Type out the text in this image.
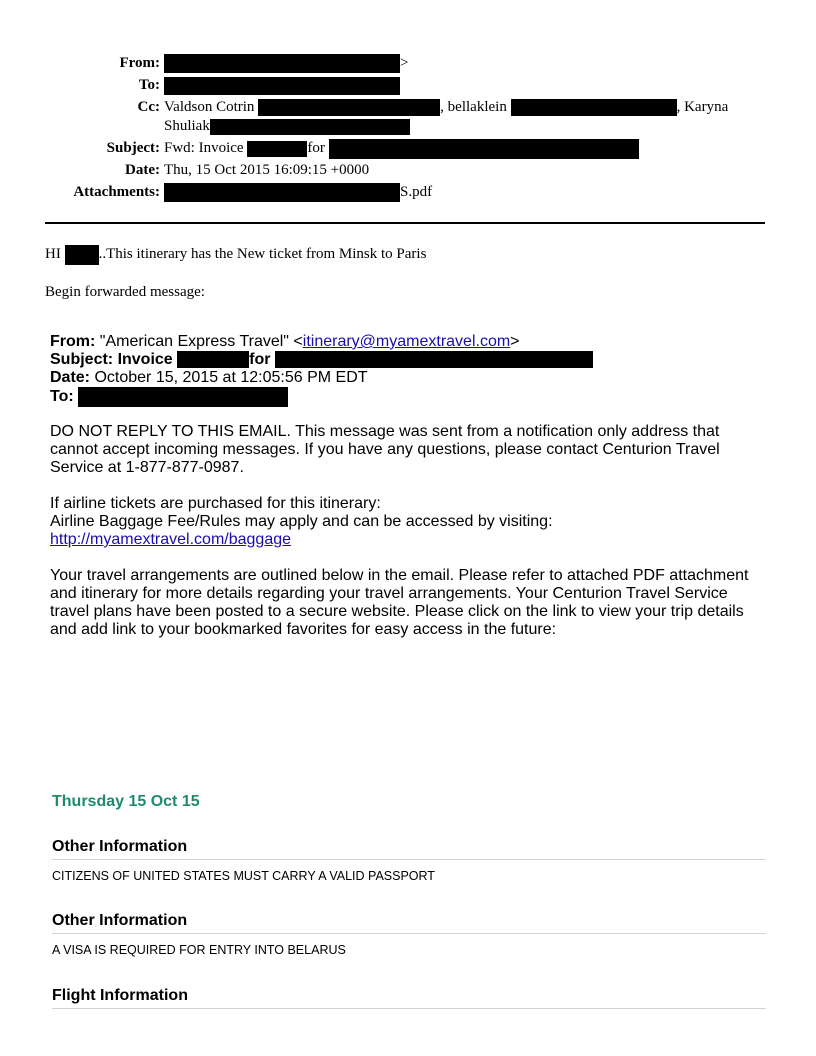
From:	>
To:
Cc: Valdson Cotrin	, bellaklein	, Karyna
Shuliak
Subject: Fwd: Invoice	for
Date: Thu, 15 Oct 2015 16:09:15 +0000
Attachments:	S.pdf
HI	..This itinerary has the New ticket from Minsk to Paris
Begin forwarded message:
From: "American Express Travel" <itinerary@myamextravel.com>
Subject: Invoice	for
Date: October 15, 2015 at 12:05:56 PM EDT
To:
DO NOT REPLY TO THIS EMAIL. This message was sent from a notification only address that cannot accept incoming messages. If you have any questions, please contact Centurion Travel Service at 1-877-877-0987.
If airline tickets are purchased for this itinerary:
Airline Baggage Fee/Rules may apply and can be accessed by visiting:
http://myamextravel.com/baggage
Your travel arrangements are outlined below in the email. Please refer to attached PDF attachment and itinerary for more details regarding your travel arrangements. Your Centurion Travel Service travel plans have been posted to a secure website. Please click on the link to view your trip details and add link to your bookmarked favorites for easy access in the future:
Thursday 15 Oct 15
Other Information
CITIZENS OF UNITED STATES MUST CARRY A VALID PASSPORT
Other Information
A VISA IS REQUIRED FOR ENTRY INTO BELARUS
Flight Information
